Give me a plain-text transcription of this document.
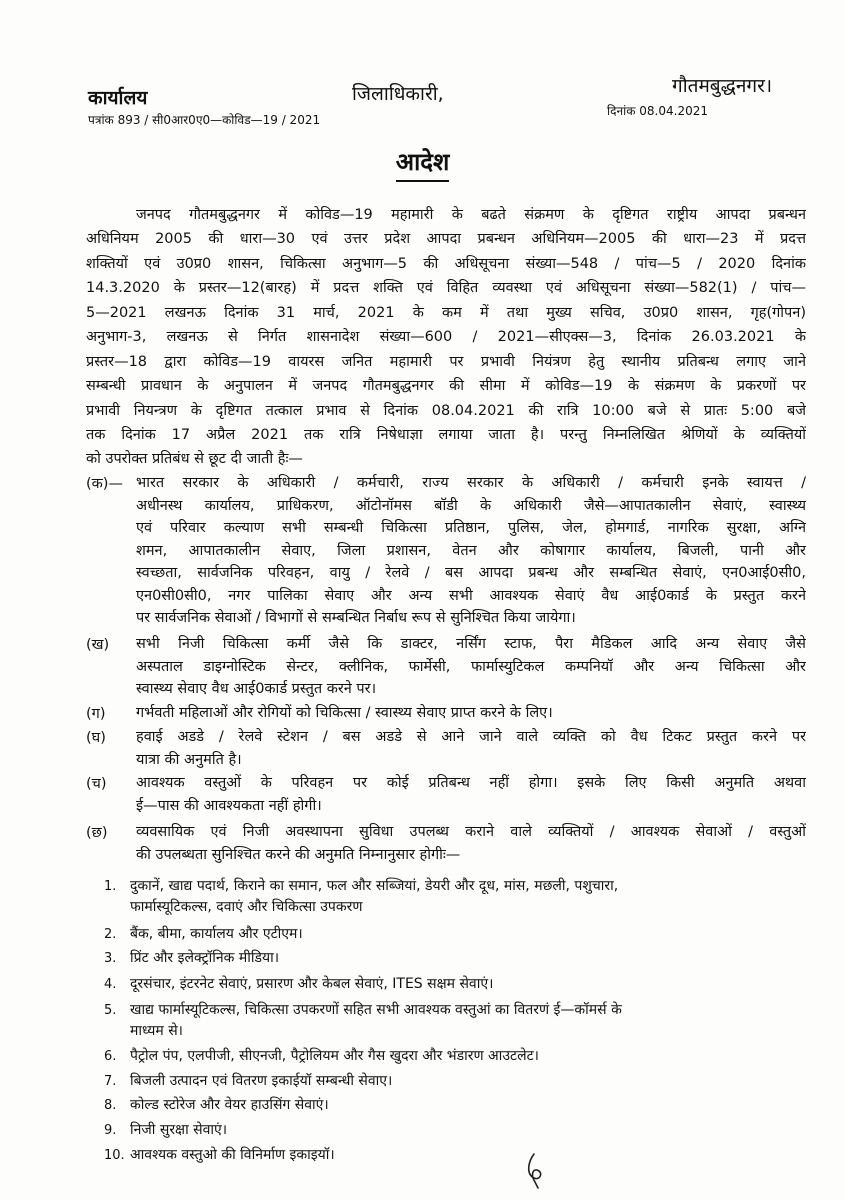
कार्यालय	जिलाधिकारी,	गौतमबुद्धनगर।
पत्रांक 893 / सी0आर0ए0—कोविड—19 / 2021
दिनांक 08.04.2021
आदेश
जनपद गौतमबुद्धनगर में कोविड—19 महामारी के बढते संक्रमण के दृष्टिगत राष्ट्रीय आपदा प्रबन्धन
अधिनियम 2005 की धारा—30 एवं उत्तर प्रदेश आपदा प्रबन्धन अधिनियम—2005 की धारा—23 में प्रदत्त
शक्तियों एवं उ0प्र0 शासन, चिकित्सा अनुभाग—5 की अधिसूचना संख्या—548 / पांच—5 / 2020 दिनांक
14.3.2020 के प्रस्तर—12(बारह) में प्रदत्त शक्ति एवं विहित व्यवस्था एवं अधिसूचना संख्या—582(1) / पांच—
5—2021 लखनऊ दिनांक 31 मार्च, 2021 के कम में तथा मुख्य सचिव, उ0प्र0 शासन, गृह(गोपन)
अनुभाग-3, लखनऊ से निर्गत शासनादेश संख्या—600 / 2021—सीएक्स—3, दिनांक 26.03.2021 के
प्रस्तर—18 द्वारा कोविड—19 वायरस जनित महामारी पर प्रभावी नियंत्रण हेतु स्थानीय प्रतिबन्ध लगाए जाने
सम्बन्धी प्रावधान के अनुपालन में जनपद गौतमबुद्धनगर की सीमा में कोविड—19 के संक्रमण के प्रकरणों पर
प्रभावी नियन्त्रण के दृष्टिगत तत्काल प्रभाव से दिनांक 08.04.2021 की रात्रि 10:00 बजे से प्रातः 5:00 बजे
तक दिनांक 17 अप्रैल 2021 तक रात्रि निषेधाज्ञा लगाया जाता है। परन्तु निम्नलिखित श्रेणियों के व्यक्तियों
को उपरोक्त प्रतिबंध से छूट दी जाती हैः—
(क)— भारत सरकार के अधिकारी / कर्मचारी, राज्य सरकार के अधिकारी / कर्मचारी इनके स्वायत्त /
अधीनस्थ कार्यालय, प्राधिकरण, ऑटोनॉमस बॉडी के अधिकारी जैसे—आपातकालीन सेवाएं, स्वास्थ्य
एवं परिवार कल्याण सभी सम्बन्धी चिकित्सा प्रतिष्ठान, पुलिस, जेल, होमगार्ड, नागरिक सुरक्षा, अग्नि
शमन, आपातकालीन सेवाए, जिला प्रशासन, वेतन और कोषागार कार्यालय, बिजली, पानी और
स्वच्छता, सार्वजनिक परिवहन, वायु / रेलवे / बस आपदा प्रबन्ध और सम्बन्धित सेवाएं, एन0आई0सी0,
एन0सी0सी0, नगर पालिका सेवाए और अन्य सभी आवश्यक सेवाएं वैध आई0कार्ड के प्रस्तुत करने
पर सार्वजनिक सेवाओं / विभागों से सम्बन्धित निर्बाध रूप से सुनिश्चित किया जायेगा।
(ख) सभी निजी चिकित्सा कर्मी जैसे कि डाक्टर, नर्सिंग स्टाफ, पैरा मैडिकल आदि अन्य सेवाए जैसे
अस्पताल डाइग्नोस्टिक सेन्टर, क्लीनिक, फार्मेसी, फार्मास्युटिकल कम्पनियॉ और अन्य चिकित्सा और
स्वास्थ्य सेवाए वैध आई0कार्ड प्रस्तुत करने पर।
(ग) गर्भवती महिलाओं और रोगियों को चिकित्सा / स्वास्थ्य सेवाए प्राप्त करने के लिए।
(घ) हवाई अडडे / रेलवे स्टेशन / बस अडडे से आने जाने वाले व्यक्ति को वैध टिकट प्रस्तुत करने पर
यात्रा की अनुमति है।
(च) आवश्यक वस्तुओं के परिवहन पर कोई प्रतिबन्ध नहीं होगा। इसके लिए किसी अनुमति अथवा
ई—पास की आवश्यकता नहीं होगी।
(छ) व्यवसायिक एवं निजी अवस्थापना सुविधा उपलब्ध कराने वाले व्यक्तियों / आवश्यक सेवाओं / वस्तुओं
की उपलब्धता सुनिश्चित करने की अनुमति निम्नानुसार होगीः—
1. दुकानें, खाद्य पदार्थ, किराने का समान, फल और सब्जियां, डेयरी और दूध, मांस, मछली, पशुचारा,
फार्मास्यूटिकल्स, दवाएं और चिकित्सा उपकरण
2. बैंक, बीमा, कार्यालय और एटीएम।
3. प्रिंट और इलेक्ट्रॉनिक मीडिया।
4. दूरसंचार, इंटरनेट सेवाएं, प्रसारण और केबल सेवाएं, ITES सक्षम सेवाएं।
5. खाद्य फार्मास्यूटिकल्स, चिकित्सा उपकरणों सहित सभी आवश्यक वस्तुआं का वितरणं ई—कॉमर्स के
माध्यम से।
6. पैट्रोल पंप, एलपीजी, सीएनजी, पैट्रोलियम और गैस खुदरा और भंडारण आउटलेट।
7. बिजली उत्पादन एवं वितरण इकाईयॉ सम्बन्धी सेवाए।
8. कोल्ड स्टोरेज और वेयर हाउसिंग सेवाएं।
9. निजी सुरक्षा सेवाएं।
10. आवश्यक वस्तुओ की विनिर्माण इकाइयॉ।
